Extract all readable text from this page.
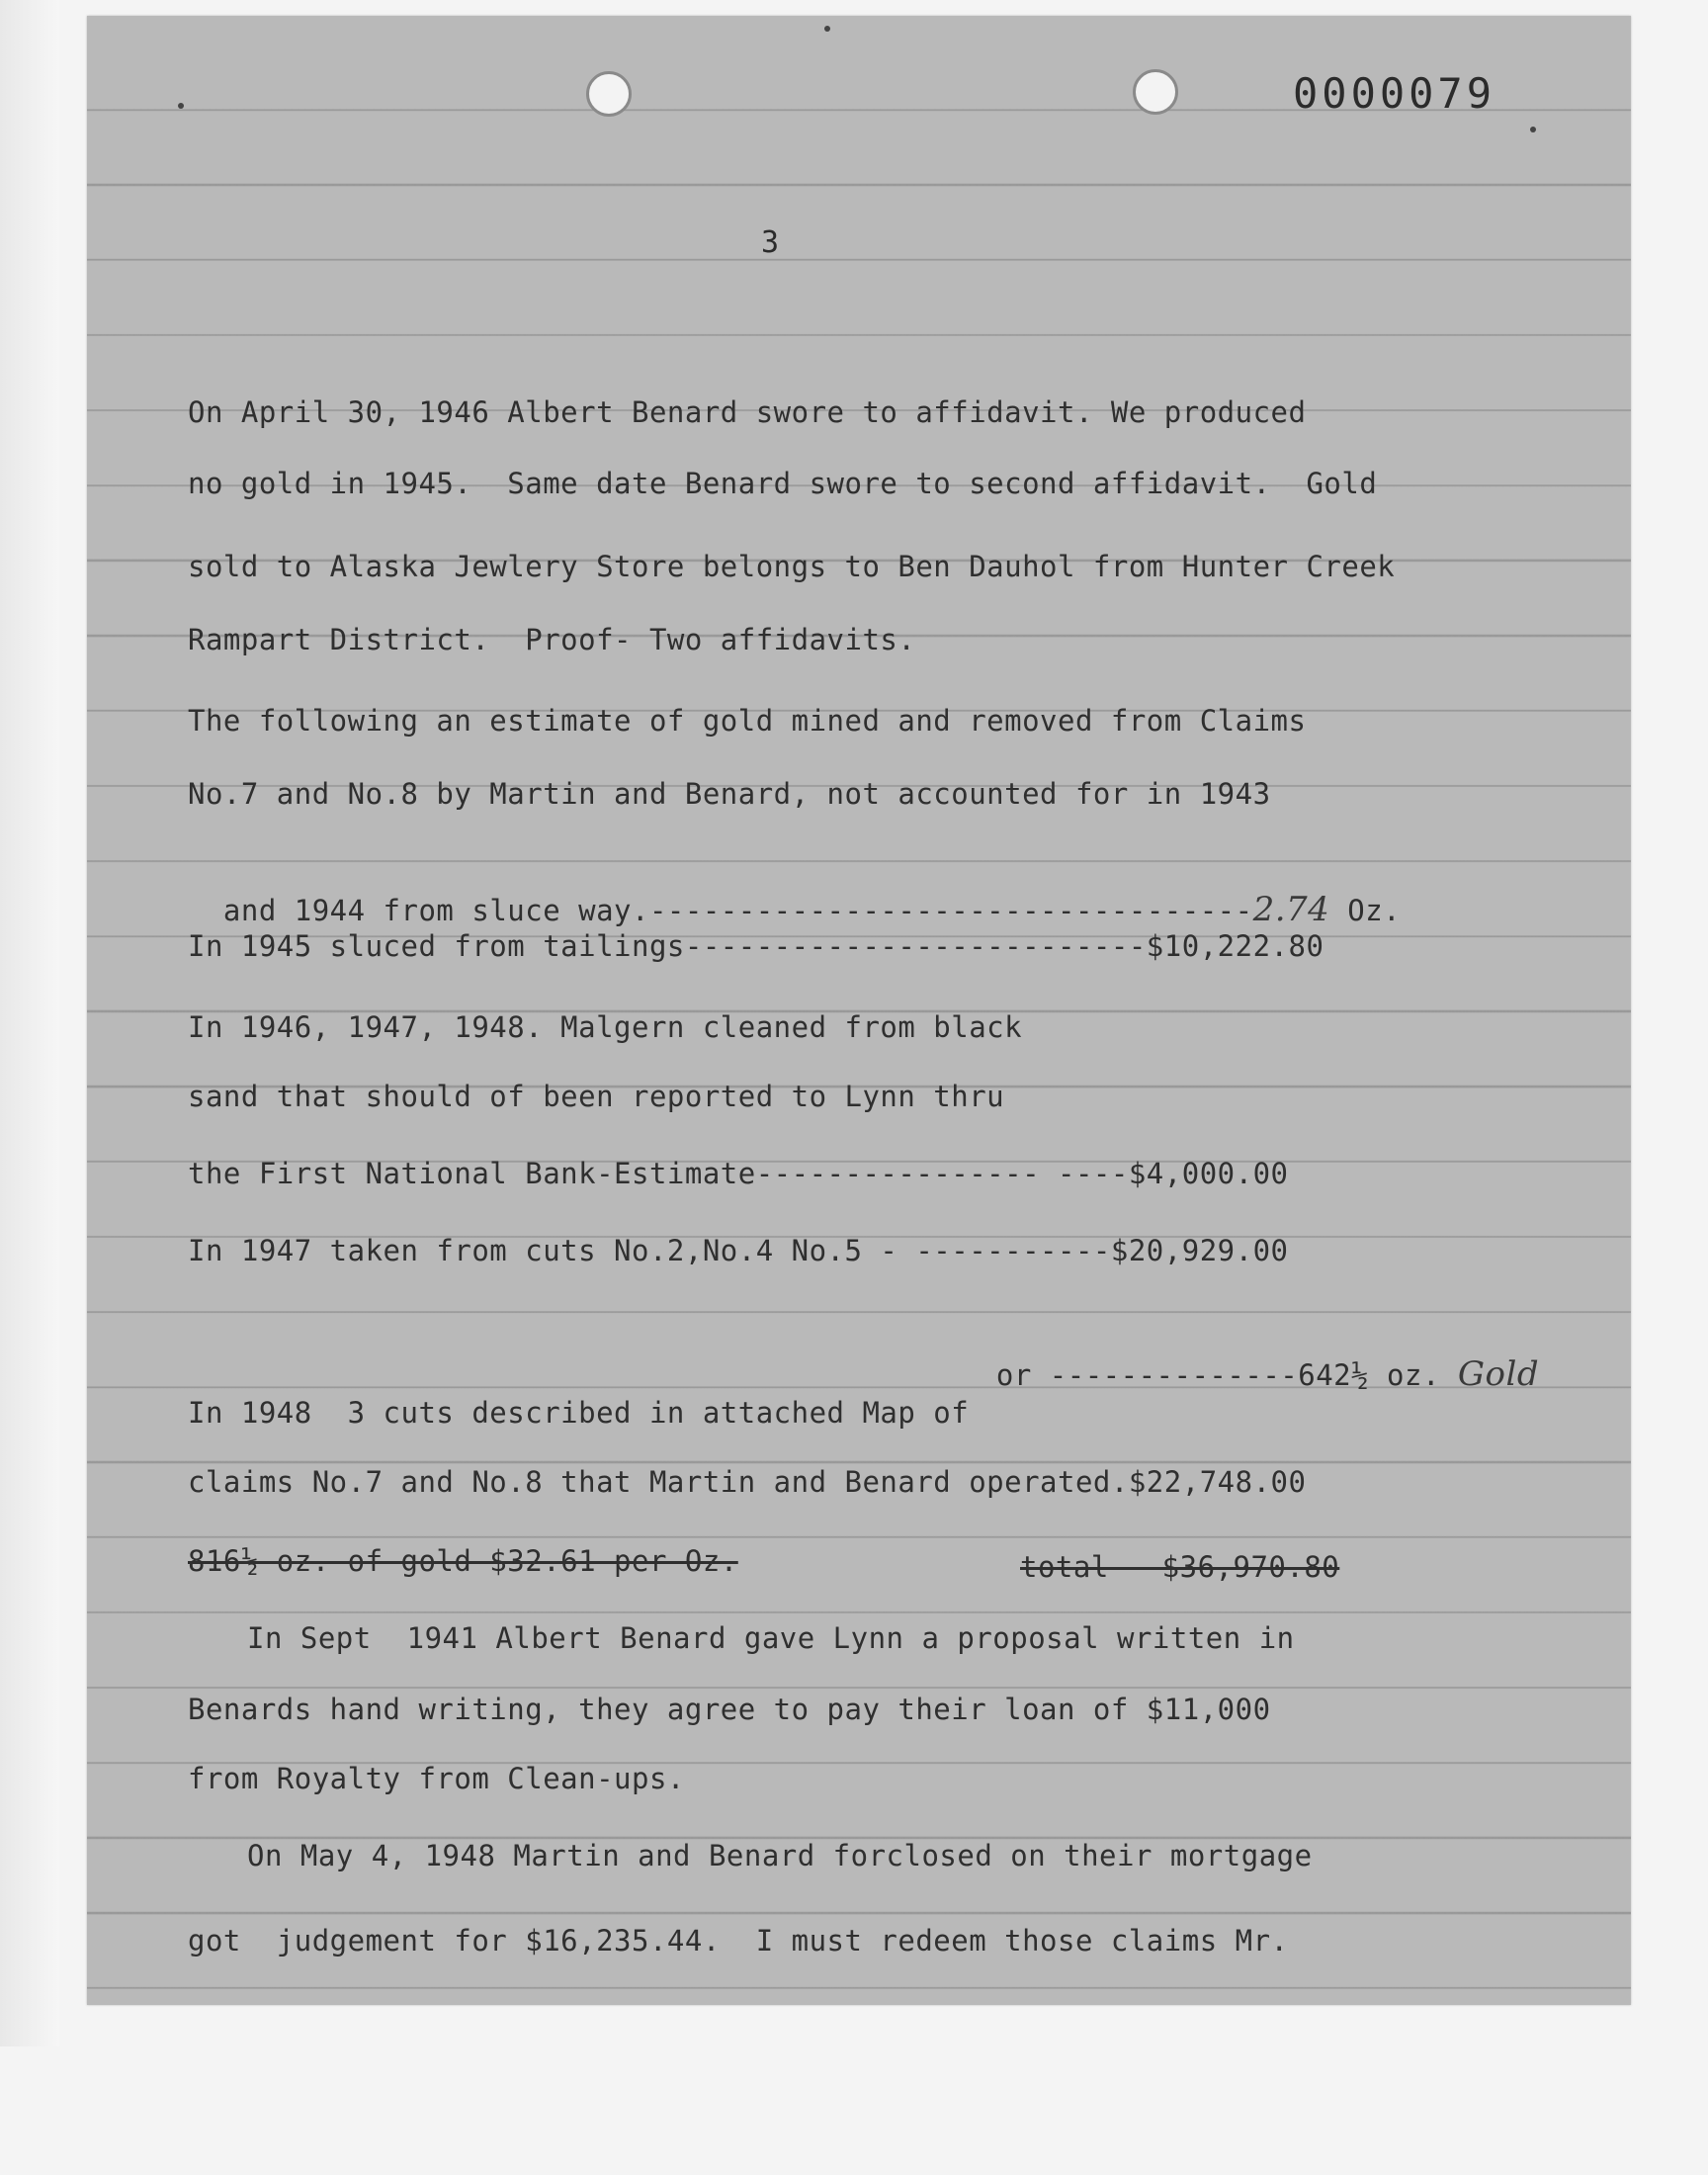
0000079
3
On April 30, 1946 Albert Benard swore to affidavit. We produced
no gold in 1945.  Same date Benard swore to second affidavit.  Gold
sold to Alaska Jewlery Store belongs to Ben Dauhol from Hunter Creek
Rampart District.  Proof- Two affidavits.
The following an estimate of gold mined and removed from Claims
No.7 and No.8 by Martin and Benard, not accounted for in 1943

and 1944 from sluce way.----------------------------------2.74 Oz.

In 1945 sluced from tailings--------------------------$10,222.80
In 1946, 1947, 1948. Malgern cleaned from black
sand that should of been reported to Lynn thru
the First National Bank-Estimate---------------- ----$4,000.00
In 1947 taken from cuts No.2,No.4 No.5 - -----------$20,929.00

or --------------642½ oz. Gold

In 1948  3 cuts described in attached Map of
claims No.7 and No.8 that Martin and Benard operated.$22,748.00
816½ oz. of gold $32.61 per Oz.	total---$36,970.80
In Sept  1941 Albert Benard gave Lynn a proposal written in
Benards hand writing, they agree to pay their loan of $11,000
from Royalty from Clean-ups.
On May 4, 1948 Martin and Benard forclosed on their mortgage
got  judgement for $16,235.44.  I must redeem those claims Mr.
